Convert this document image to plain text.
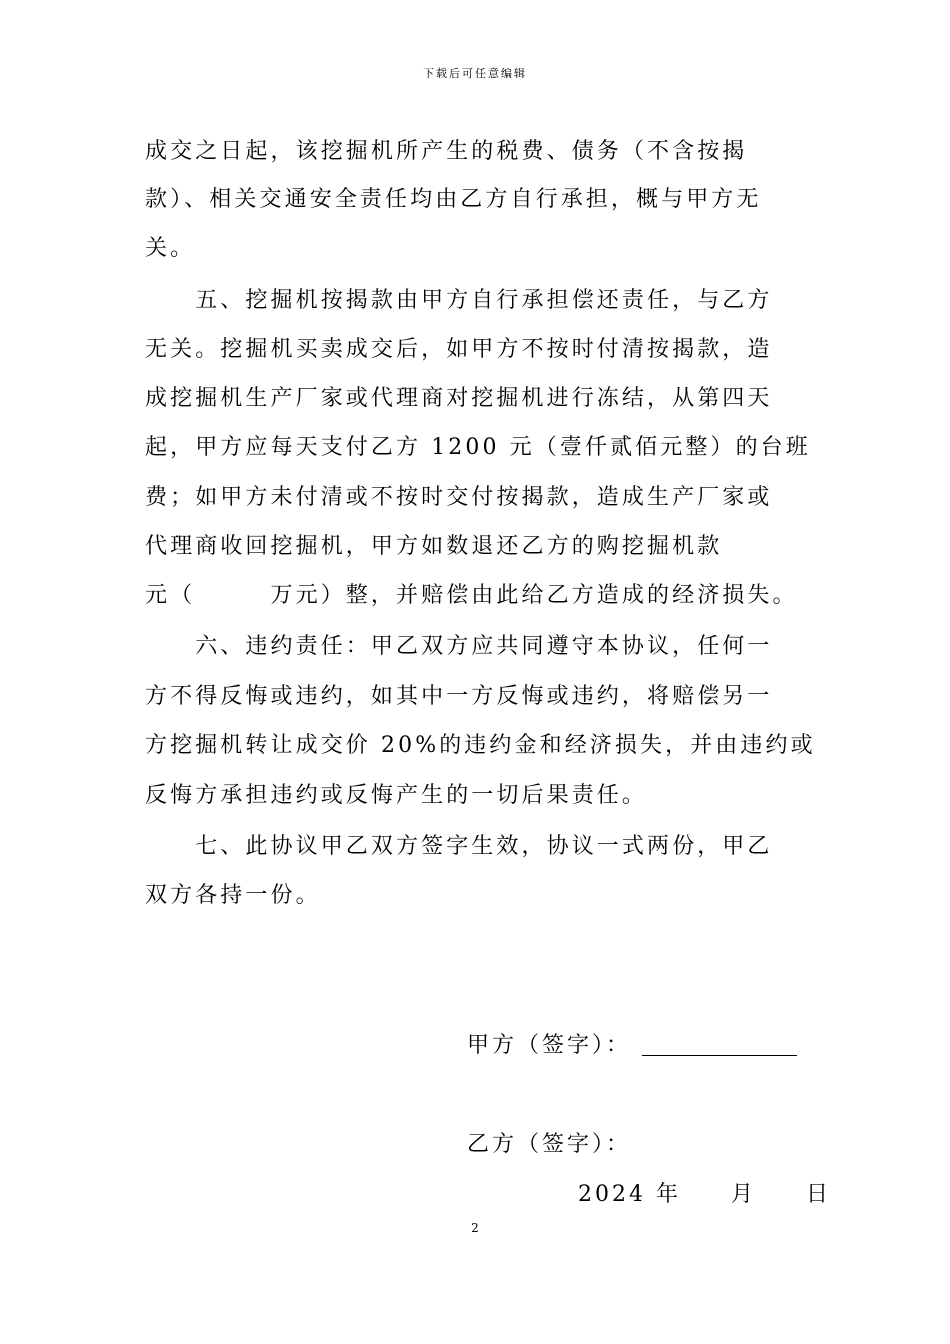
下载后可任意编辑
成交之日起，该挖掘机所产生的税费、债务（不含按揭
款）、相关交通安全责任均由乙方自行承担，概与甲方无
关。
　　五、挖掘机按揭款由甲方自行承担偿还责任，与乙方
无关。挖掘机买卖成交后，如甲方不按时付清按揭款，造
成挖掘机生产厂家或代理商对挖掘机进行冻结，从第四天
起，甲方应每天支付乙方 1200 元（壹仟贰佰元整）的台班
费；如甲方未付清或不按时交付按揭款，造成生产厂家或
代理商收回挖掘机，甲方如数退还乙方的购挖掘机款
元（　　　万元）整，并赔偿由此给乙方造成的经济损失。
　　六、违约责任：甲乙双方应共同遵守本协议，任何一
方不得反悔或违约，如其中一方反悔或违约，将赔偿另一
方挖掘机转让成交价 20%的违约金和经济损失，并由违约或
反悔方承担违约或反悔产生的一切后果责任。
　　七、此协议甲乙双方签字生效，协议一式两份，甲乙
双方各持一份。
甲方（签字）：
乙方（签字）：
2024 年　　月　　日
2
